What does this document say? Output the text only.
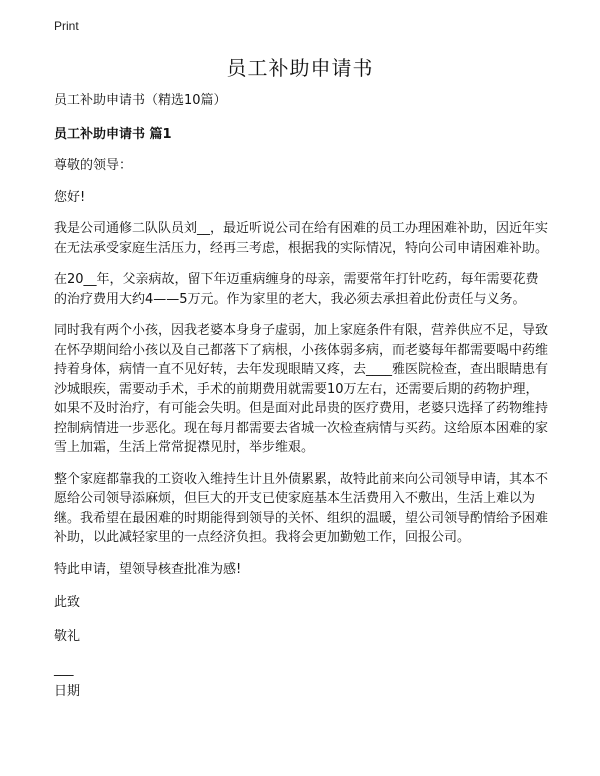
Print
员工补助申请书

员工补助申请书（精选10篇）

员工补助申请书 篇1

尊敬的领导：

您好!

我是公司通修二队队员刘__，最近听说公司在给有困难的员工办理困难补助，因近年实在无法承受家庭生活压力，经再三考虑，根据我的实际情况，特向公司申请困难补助。

在20__年，父亲病故，留下年迈重病缠身的母亲，需要常年打针吃药，每年需要花费的治疗费用大约4——5万元。作为家里的老大，我必须去承担着此份责任与义务。

同时我有两个小孩，因我老婆本身身子虚弱，加上家庭条件有限，营养供应不足，导致在怀孕期间给小孩以及自己都落下了病根，小孩体弱多病，而老婆每年都需要喝中药维持着身体，病情一直不见好转，去年发现眼睛又疼，去____雅医院检查，查出眼睛患有沙城眼疾，需要动手术，手术的前期费用就需要10万左右，还需要后期的药物护理，如果不及时治疗，有可能会失明。但是面对此昂贵的医疗费用，老婆只选择了药物维持控制病情进一步恶化。现在每月都需要去省城一次检查病情与买药。这给原本困难的家雪上加霜，生活上常常捉襟见肘，举步维艰。

整个家庭都靠我的工资收入维持生计且外债累累，故特此前来向公司领导申请，其本不愿给公司领导添麻烦，但巨大的开支已使家庭基本生活费用入不敷出，生活上难以为继。我希望在最困难的时期能得到领导的关怀、组织的温暖，望公司领导酌情给予困难补助，以此减轻家里的一点经济负担。我将会更加勤勉工作，回报公司。

特此申请，望领导核查批准为感!

此致

敬礼

___

日期
